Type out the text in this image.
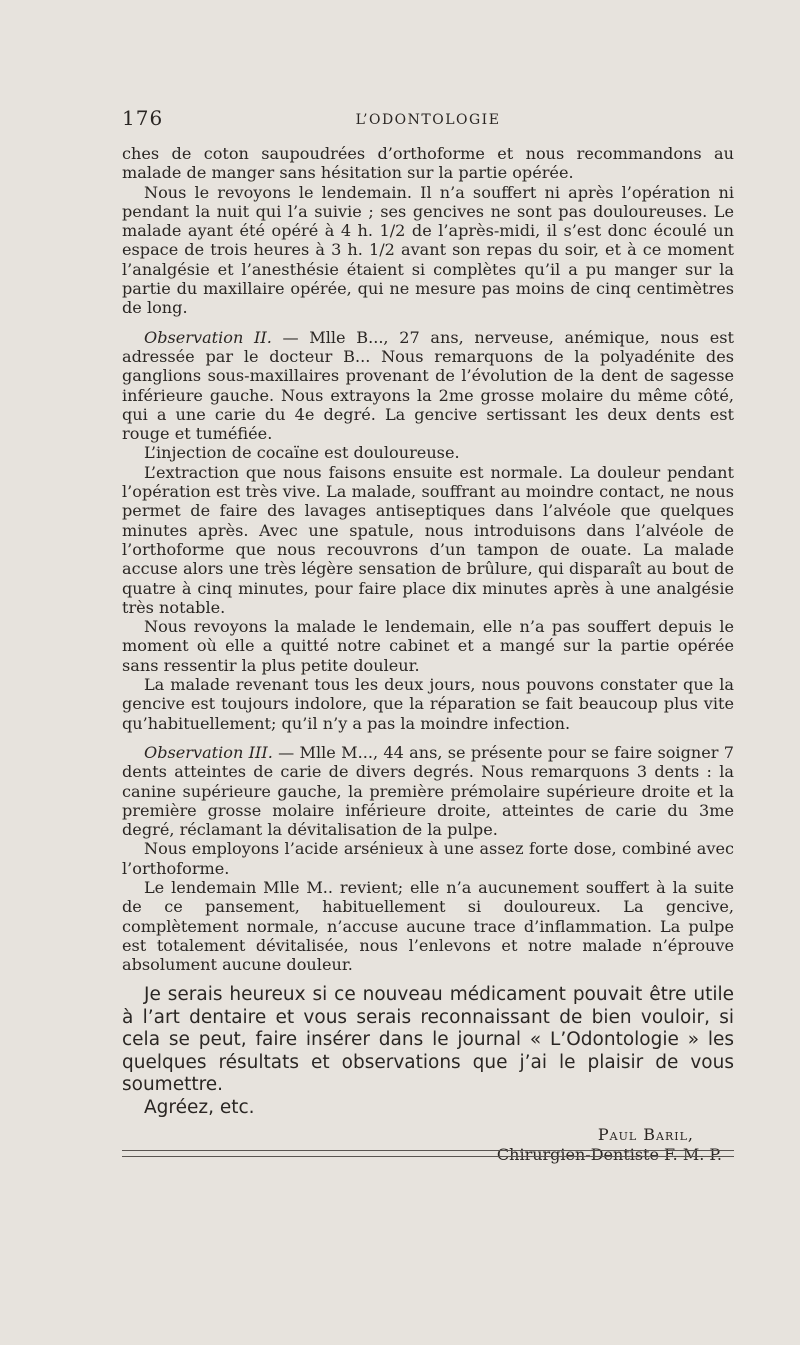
176	L’ODONTOLOGIE

ches de coton saupoudrées d’orthoforme et nous recommandons au malade de manger sans hésitation sur la partie opérée.

Nous le revoyons le lendemain. Il n’a souffert ni après l’opération ni pendant la nuit qui l’a suivie ; ses gencives ne sont pas douloureuses. Le malade ayant été opéré à 4 h. 1/2 de l’après-midi, il s’est donc écoulé un espace de trois heures à 3 h. 1/2 avant son repas du soir, et à ce moment l’analgésie et l’anesthésie étaient si complètes qu’il a pu manger sur la partie du maxillaire opérée, qui ne mesure pas moins de cinq centimètres de long.

Observation II. — Mlle B..., 27 ans, nerveuse, anémique, nous est adressée par le docteur B... Nous remarquons de la polyadénite des ganglions sous-maxillaires provenant de l’évolution de la dent de sagesse inférieure gauche. Nous extrayons la 2me grosse molaire du même côté, qui a une carie du 4e degré. La gencive sertissant les deux dents est rouge et tuméfiée.

L’injection de cocaïne est douloureuse.

L’extraction que nous faisons ensuite est normale. La douleur pendant l’opération est très vive. La malade, souffrant au moindre contact, ne nous permet de faire des lavages antiseptiques dans l’alvéole que quelques minutes après. Avec une spatule, nous introduisons dans l’alvéole de l’orthoforme que nous recouvrons d’un tampon de ouate. La malade accuse alors une très légère sensation de brûlure, qui disparaît au bout de quatre à cinq minutes, pour faire place dix minutes après à une analgésie très notable.

Nous revoyons la malade le lendemain, elle n’a pas souffert depuis le moment où elle a quitté notre cabinet et a mangé sur la partie opérée sans ressentir la plus petite douleur.

La malade revenant tous les deux jours, nous pouvons constater que la gencive est toujours indolore, que la réparation se fait beaucoup plus vite qu’habituellement; qu’il n’y a pas la moindre infection.

Observation III. — Mlle M..., 44 ans, se présente pour se faire soigner 7 dents atteintes de carie de divers degrés. Nous remarquons 3 dents : la canine supérieure gauche, la première prémolaire supérieure droite et la première grosse molaire inférieure droite, atteintes de carie du 3me degré, réclamant la dévitalisation de la pulpe.

Nous employons l’acide arsénieux à une assez forte dose, combiné avec l’orthoforme.

Le lendemain Mlle M.. revient; elle n’a aucunement souffert à la suite de ce pansement, habituellement si douloureux. La gencive, complètement normale, n’accuse aucune trace d’inflammation. La pulpe est totalement dévitalisée, nous l’enlevons et notre malade n’éprouve absolument aucune douleur.

Je serais heureux si ce nouveau médicament pouvait être utile à l’art dentaire et vous serais reconnaissant de bien vouloir, si cela se peut, faire insérer dans le journal « L’Odontologie » les quelques résultats et observations que j’ai le plaisir de vous soumettre.

Agréez, etc.

Paul Baril,
Chirurgien-Dentiste F. M. P.
